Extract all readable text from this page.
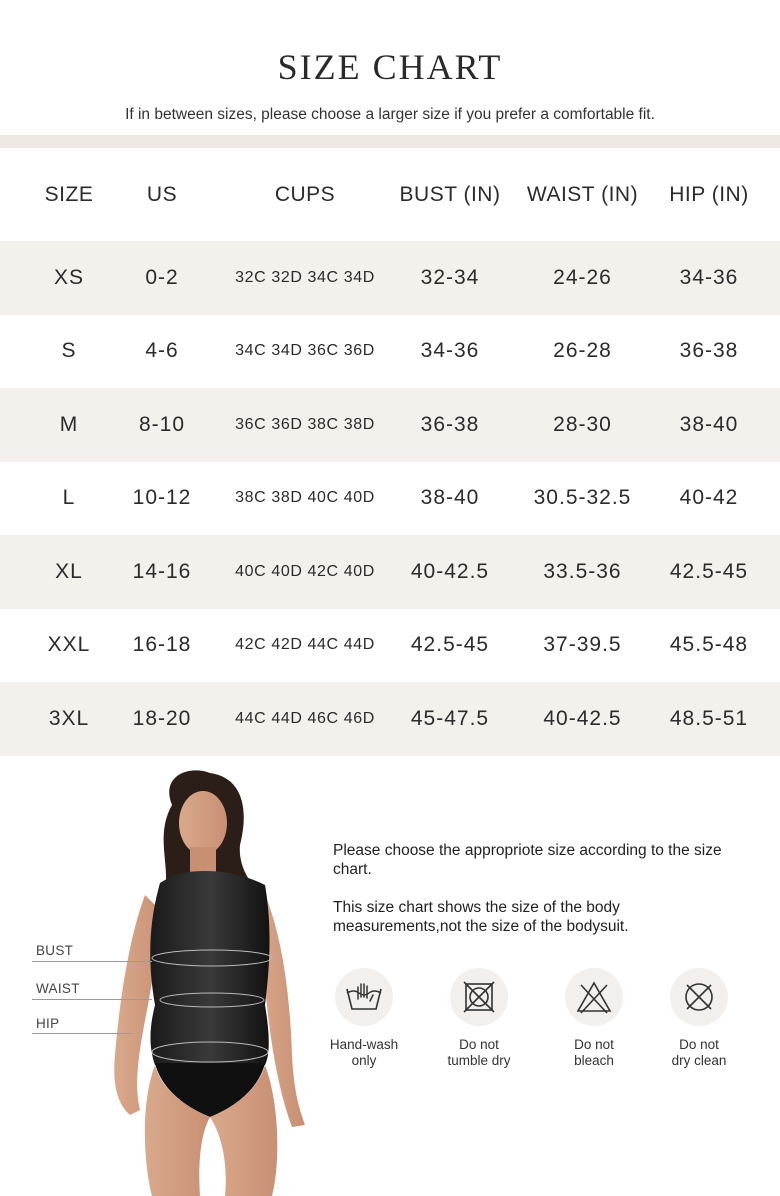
SIZE CHART
If in between sizes, please choose a larger size if you prefer a comfortable fit.
SIZE	US	CUPS	BUST (IN)	WAIST (IN)	HIP (IN)
XS	0-2	32C 32D 34C 34D	32-34	24-26	34-36
S	4-6	34C 34D 36C 36D	34-36	26-28	36-38
M	8-10	36C 36D 38C 38D	36-38	28-30	38-40
L	10-12	38C 38D 40C 40D	38-40	30.5-32.5	40-42
XL	14-16	40C 40D 42C 40D	40-42.5	33.5-36	42.5-45
XXL	16-18	42C 42D 44C 44D	42.5-45	37-39.5	45.5-48
3XL	18-20	44C 44D 46C 46D	45-47.5	40-42.5	48.5-51
BUST
WAIST
HIP
Please choose the approprіote size according to the size chart.
This size chart shows the size of the body measurements,not the size of the bodysuit.
Hand-wash
only
Do not
tumble dry
Do not
bleach
Do not
dry clean
